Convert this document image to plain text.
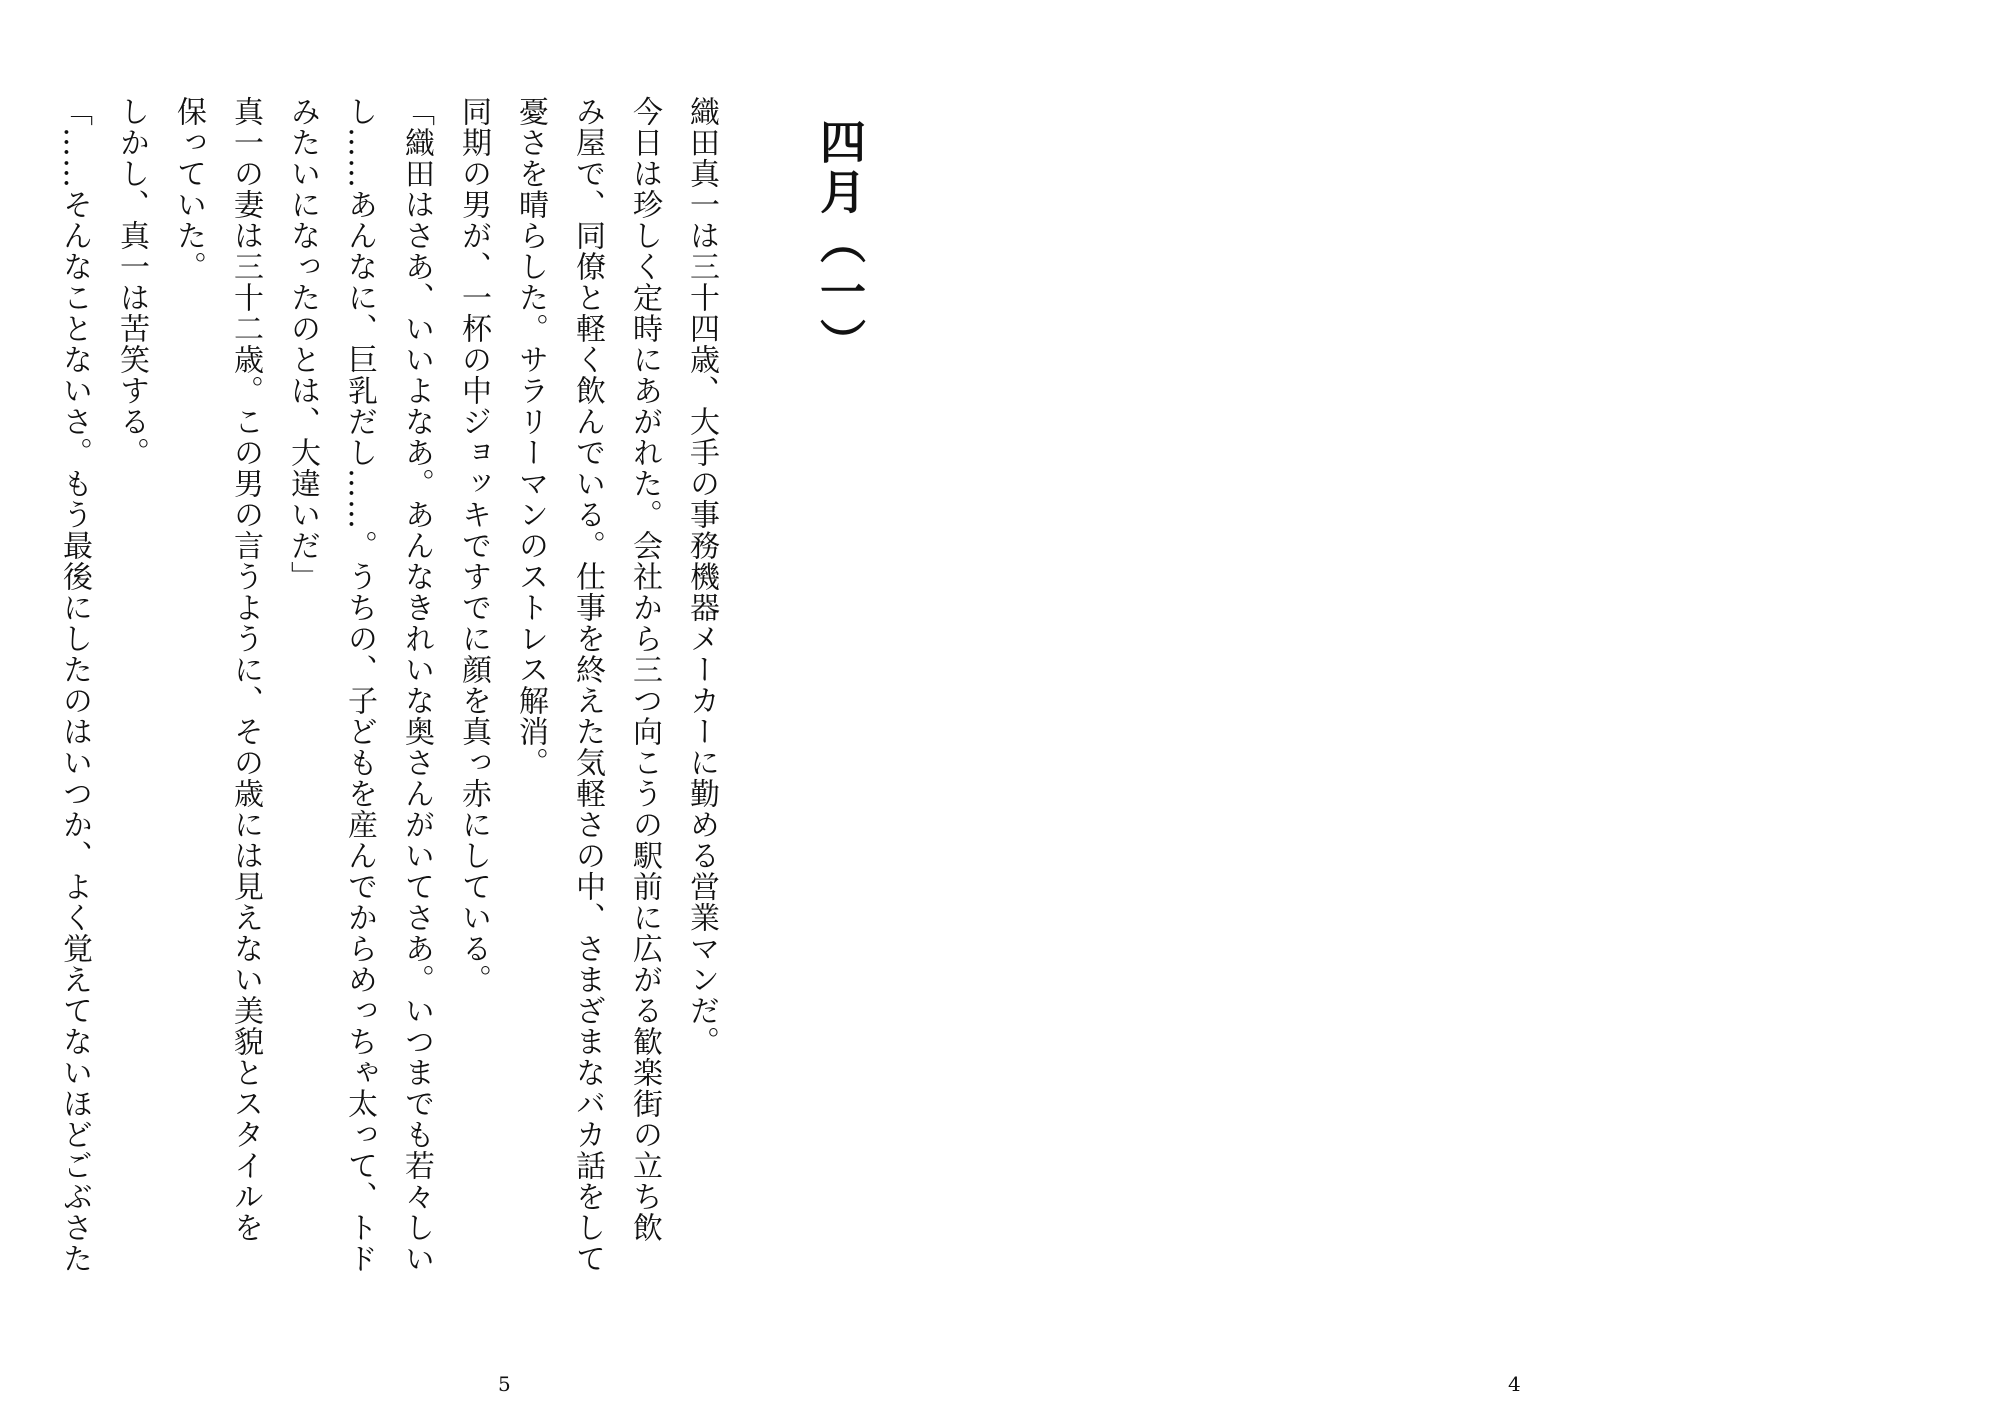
織田真一は三十四歳、大手の事務機器メーカーに勤める営業マンだ。

今日は珍しく定時にあがれた。会社から三つ向こうの駅前に広がる歓楽街の立ち飲

み屋で、同僚と軽く飲んでいる。仕事を終えた気軽さの中、さまざまなバカ話をして

憂さを晴らした。サラリーマンのストレス解消。

同期の男が、一杯の中ジョッキですでに顔を真っ赤にしている。

「織田はさあ、いいよなあ。あんなきれいな奥さんがいてさあ。いつまでも若々しい

し……あんなに、巨乳だし……。うちの、子どもを産んでからめっちゃ太って、トド

みたいになったのとは、大違いだ」

真一の妻は三十二歳。この男の言うように、その歳には見えない美貌とスタイルを

保っていた。

しかし、真一は苦笑する。

「……そんなことないさ。もう最後にしたのはいつか、よく覚えてないほどごぶさた

5
四月（一）
4
